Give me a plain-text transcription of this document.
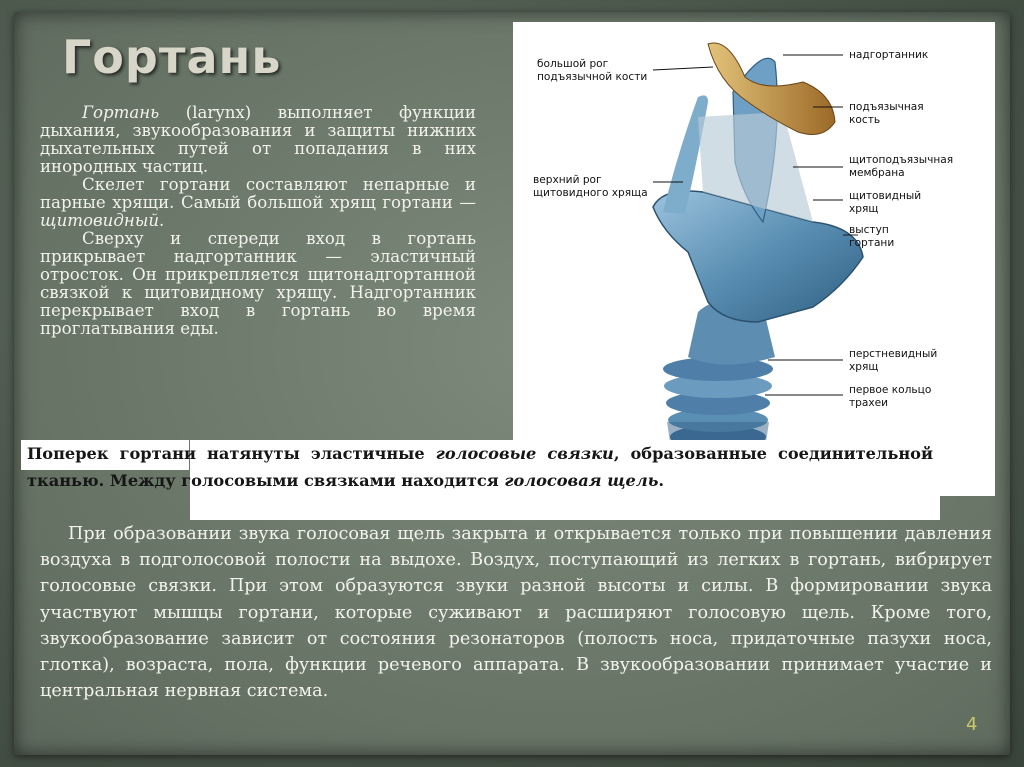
Гортань

Гортань (larynx) выполняет функции дыхания, звукообразования и защиты нижних дыхательных путей от попадания в них инородных частиц.

Скелет гортани составляют непарные и парные хрящи. Самый большой хрящ гортани — щитовидный.

Сверху и спереди вход в гортань прикрывает надгортанник — эластичный отросток. Он прикрепляется щитонадгортанной связкой к щитовидному хрящу. Надгортанник перекрывает вход в гортань во время проглатывания еды.

большой рог
подъязычной кости
верхний рог
щитовидного хряща
надгортанник
подъязычная
кость
щитоподъязычная
мембрана
щитовидный
хрящ
выступ
гортани
перстневидный
хрящ
первое кольцо
трахеи
Поперек гортани натянуты эластичные голосовые связки, образованные соединительной тканью. Между голосовыми связками находится голосовая щель.

При образовании звука голосовая щель закрыта и открывается только при повышении давления воздуха в подголосовой полости на выдохе. Воздух, поступающий из легких в гортань, вибрирует голосовые связки. При этом образуются звуки разной высоты и силы. В формировании звука участвуют мышцы гортани, которые суживают и расширяют голосовую щель. Кроме того, звукообразование зависит от состояния резонаторов (полость носа, придаточные пазухи носа, глотка), возраста, пола, функции речевого аппарата. В звукообразовании принимает участие и центральная нервная система.

4
